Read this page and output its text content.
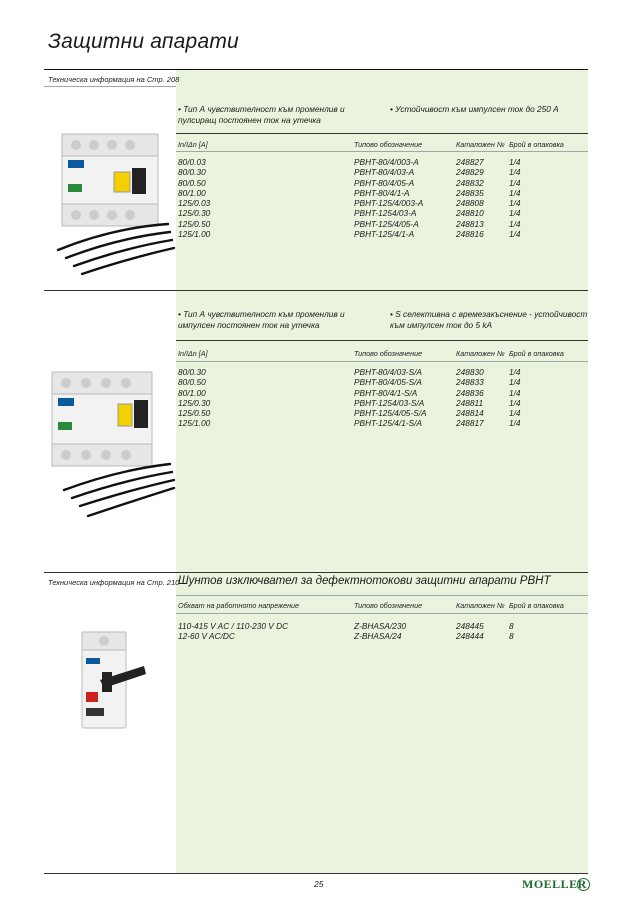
Защитни апарати
Техническа информация на Стр. 208
• Тип А чувствителност към променлив и пулсиращ постоянен ток на утечка
• Устойчивост към импулсен ток до 250 А
In/IΔn [A]	Типово обозначение	Каталожен № Брой в опаковка
80/0.03	PBHT-80/4/003-A	248827	1/4
80/0.30	PBHT-80/4/03-A	248829	1/4
80/0.50	PBHT-80/4/05-A	248832	1/4
80/1.00	PBHT-80/4/1-A	248835	1/4
125/0.03	PBHT-125/4/003-A	248808	1/4
125/0.30	PBHT-1254/03-A	248810	1/4
125/0.50	PBHT-125/4/05-A	248813	1/4
125/1.00	PBHT-125/4/1-A	248816	1/4
• Тип А чувствителност към променлив и импулсен постоянен ток на утечка
• S селективна с времезакъснение - устойчивост към импулсен ток до 5 kA
In/IΔn [A]	Типово обозначение	Каталожен № Брой в опаковка
80/0.30	PBHT-80/4/03-S/A	248830	1/4
80/0.50	PBHT-80/4/05-S/A	248833	1/4
80/1.00	PBHT-80/4/1-S/A	248836	1/4
125/0.30	PBHT-1254/03-S/A	248811	1/4
125/0.50	PBHT-125/4/05-S/A	248814	1/4
125/1.00	PBHT-125/4/1-S/A	248817	1/4
Техническа информация на Стр. 210
Шунтов изключвател за дефектнотокови защитни апарати PBHT
Обхват на работното напрежение	Типово обозначение	Каталожен № Брой в опаковка
110-415 V AC / 110-230 V DC	Z-BHASA/230	248445	8
12-60 V AC/DC	Z-BHASA/24	248444	8
25	MOELLER
